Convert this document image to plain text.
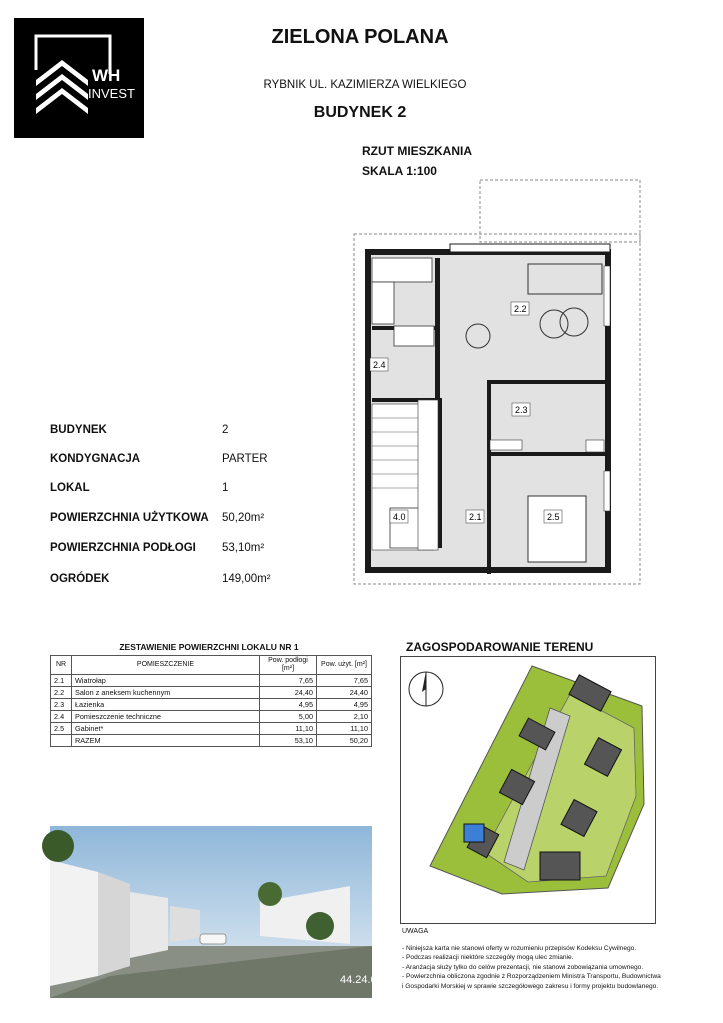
WH
INVEST
ZIELONA POLANA
RYBNIK UL. KAZIMIERZA WIELKIEGO
BUDYNEK 2
RZUT MIESZKANIA
SKALA 1:100
2.2
2.4
2.3
4.0	2.1	2.5
BUDYNEK	2
KONDYGNACJA	PARTER
LOKAL	1
POWIERZCHNIA UŻYTKOWA 50,20m²
POWIERZCHNIA PODŁOGI 53,10m²
OGRÓDEK	149,00m²
ZESTAWIENIE POWIERZCHNI LOKALU NR 1
NR	POMIESZCZENIE	Pow. podłogi [m²]	Pow. użyt. [m²]
2.1	Wiatrołap	7,65	7,65
2.2	Salon z aneksem kuchennym	24,40	24,40
2.3	Łazienka	4,95	4,95
2.4	Pomieszczenie techniczne	5,00	2,10
2.5	Gabinet*	11,10	11,10
	RAZEM	53,10	50,20
ZAGOSPODAROWANIE TERENU
UWAGA
- Niniejsza karta nie stanowi oferty w rozumieniu przepisów Kodeksu Cywilnego.
- Podczas realizacji niektóre szczegóły mogą ulec zmianie.
- Aranżacja służy tylko do celów prezentacji, nie stanowi zobowiązania umownego.
- Powierzchnia obliczona zgodnie z Rozporządzeniem Ministra Transportu, Budownictwa
i Gospodarki Morskiej w sprawie szczegółowego zakresu i formy projektu budowlanego.
44.24.0
